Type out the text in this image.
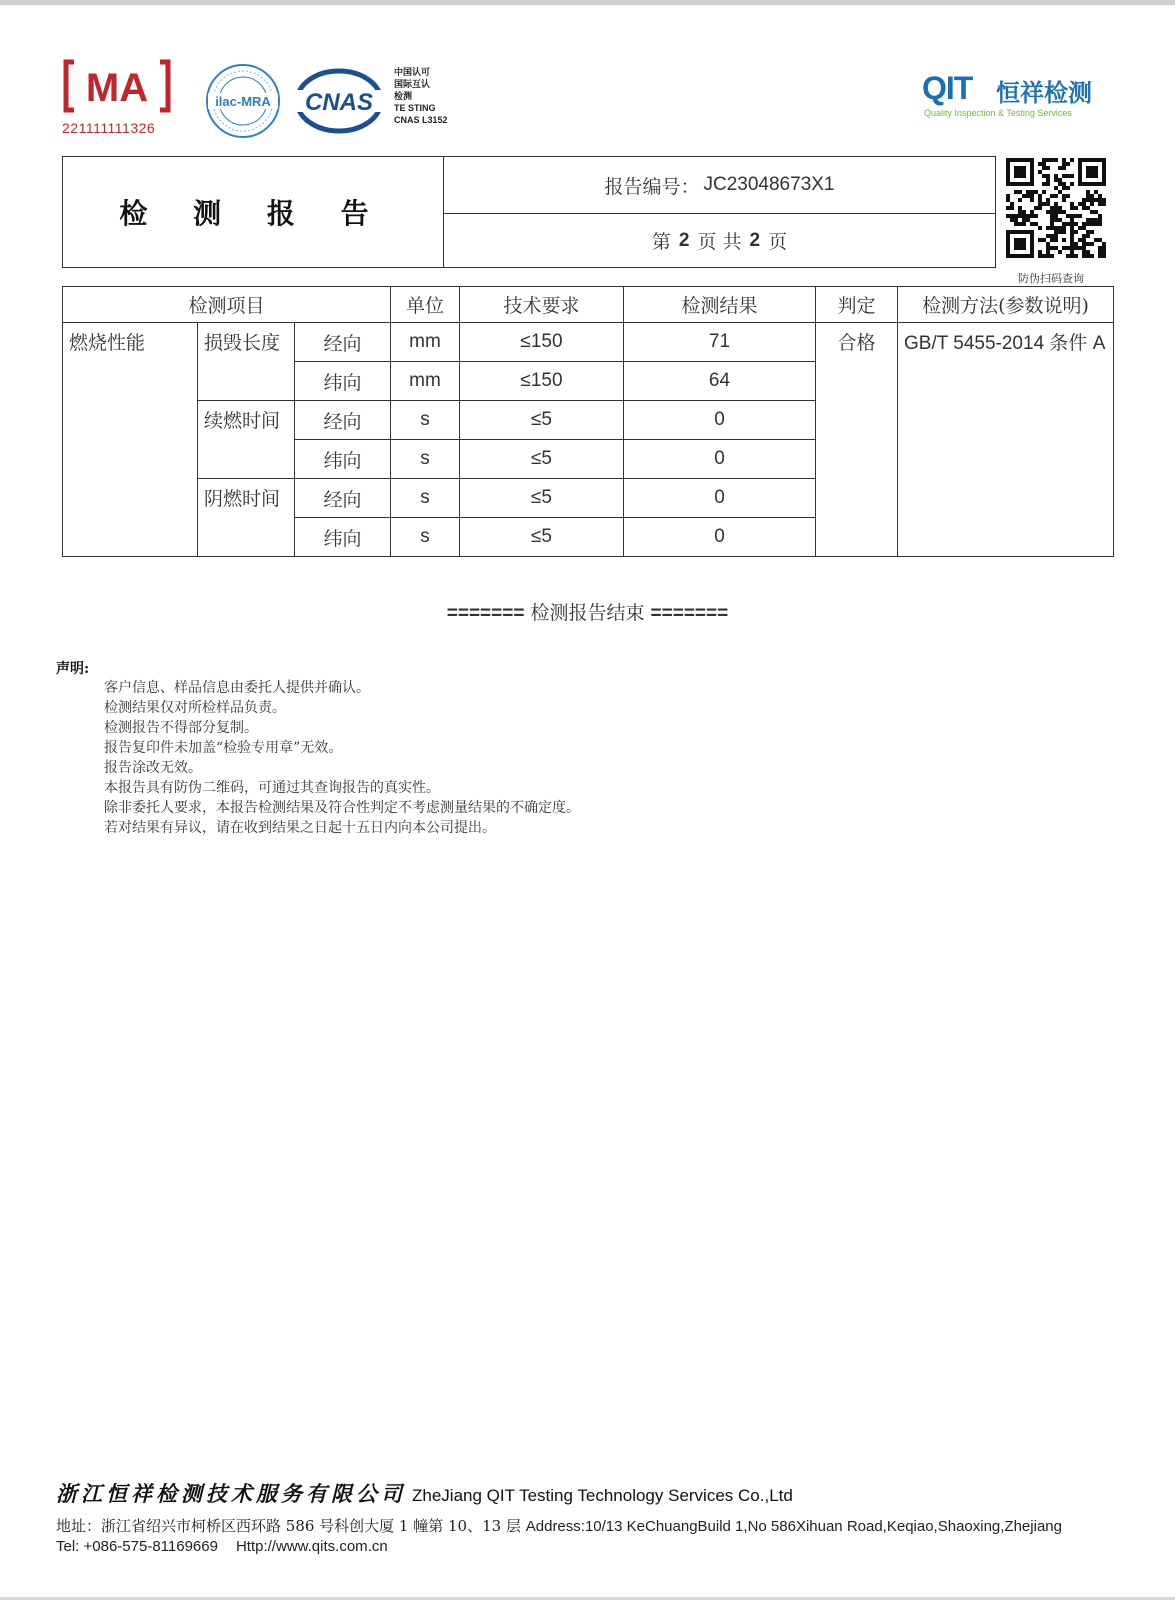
MA
221111111326
ilac-MRA CNAS
中国认可
国际互认
检测
TE STING
CNAS L3152
QIT 恒祥检测
Quality Inspection & Testing Services
检 测 报 告
报告编号： JC23048673X1
第 2 页 共 2 页
防伪扫码查询
检测项目			单位	技术要求	检测结果	判定	检测方法(参数说明)
燃烧性能	损毁长度	经向	mm	≤150	71	合格	GB/T 5455-2014 条件 A
		纬向	mm	≤150	64		
	续燃时间	经向	s	≤5	0		
		纬向	s	≤5	0		
	阴燃时间	经向	s	≤5	0		
		纬向	s	≤5	0		
======= 检测报告结束 =======
声明:
客户信息、样品信息由委托人提供并确认。
检测结果仅对所检样品负责。
检测报告不得部分复制。
报告复印件未加盖“检验专用章”无效。
报告涂改无效。
本报告具有防伪二维码，可通过其查询报告的真实性。
除非委托人要求，本报告检测结果及符合性判定不考虑测量结果的不确定度。
若对结果有异议，请在收到结果之日起十五日内向本公司提出。
浙江恒祥检测技术服务有限公司 ZheJiang QIT Testing Technology Services Co.,Ltd
地址：浙江省绍兴市柯桥区西环路 586 号科创大厦 1 幢第 10、13 层 Address:10/13 KeChuangBuild 1,No 586Xihuan Road,Keqiao,Shaoxing,Zhejiang
Tel: +086-575-81169669 Http://www.qits.com.cn
